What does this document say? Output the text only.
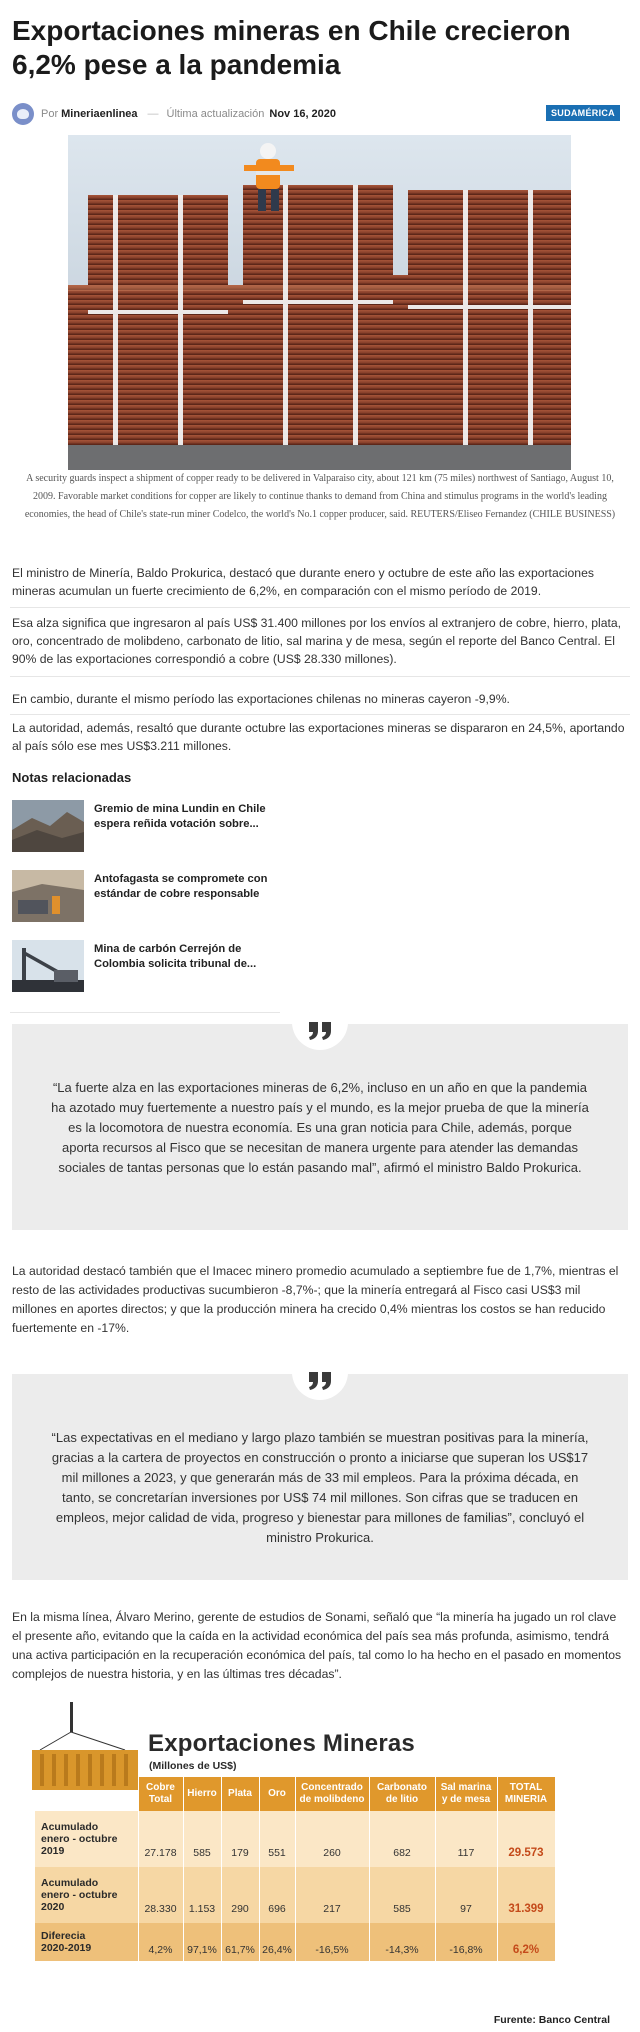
Exportaciones mineras en Chile crecieron 6,2% pese a la pandemia
Por Mineriaenlinea — Última actualización Nov 16, 2020	SUDAMÉRICA

A security guards inspect a shipment of copper ready to be delivered in Valparaiso city, about 121 km (75 miles) northwest of Santiago, August 10, 2009. Favorable market conditions for copper are likely to continue thanks to demand from China and stimulus programs in the world's leading economies, the head of Chile's state-run miner Codelco, the world's No.1 copper producer, said. REUTERS/Eliseo Fernandez (CHILE BUSINESS)

El ministro de Minería, Baldo Prokurica, destacó que durante enero y octubre de este año las exportaciones mineras acumulan un fuerte crecimiento de 6,2%, en comparación con el mismo período de 2019.

Esa alza significa que ingresaron al país US$ 31.400 millones por los envíos al extranjero de cobre, hierro, plata, oro, concentrado de molibdeno, carbonato de litio, sal marina y de mesa, según el reporte del Banco Central. El 90% de las exportaciones correspondió a cobre (US$ 28.330 millones).

En cambio, durante el mismo período las exportaciones chilenas no mineras cayeron -9,9%.

La autoridad, además, resaltó que durante octubre las exportaciones mineras se dispararon en 24,5%, aportando al país sólo ese mes US$3.211 millones.

Notas relacionadas
Gremio de mina Lundin en Chile espera reñida votación sobre...
Antofagasta se compromete con estándar de cobre responsable
Mina de carbón Cerrejón de Colombia solicita tribunal de...

“La fuerte alza en las exportaciones mineras de 6,2%, incluso en un año en que la pandemia ha azotado muy fuertemente a nuestro país y el mundo, es la mejor prueba de que la minería es la locomotora de nuestra economía. Es una gran noticia para Chile, además, porque aporta recursos al Fisco que se necesitan de manera urgente para atender las demandas sociales de tantas personas que lo están pasando mal”, afirmó el ministro Baldo Prokurica.

La autoridad destacó también que el Imacec minero promedio acumulado a septiembre fue de 1,7%, mientras el resto de las actividades productivas sucumbieron -8,7%-; que la minería entregará al Fisco casi US$3 mil millones en aportes directos; y que la producción minera ha crecido 0,4% mientras los costos se han reducido fuertemente en -17%.

“Las expectativas en el mediano y largo plazo también se muestran positivas para la minería, gracias a la cartera de proyectos en construcción o pronto a iniciarse que superan los US$17 mil millones a 2023, y que generarán más de 33 mil empleos. Para la próxima década, en tanto, se concretarían inversiones por US$ 74 mil millones. Son cifras que se traducen en empleos, mejor calidad de vida, progreso y bienestar para millones de familias”, concluyó el ministro Prokurica.

En la misma línea, Álvaro Merino, gerente de estudios de Sonami, señaló que “la minería ha jugado un rol clave el presente año, evitando que la caída en la actividad económica del país sea más profunda, asimismo, tendrá una activa participación en la recuperación económica del país, tal como lo ha hecho en el pasado en momentos complejos de nuestra historia, y en las últimas tres décadas”.

Exportaciones Mineras
(Millones de US$)
	Cobre
Total	Hierro	Plata	Oro	Concentrado
de molibdeno	Carbonato
de litio	Sal marina
y de mesa	TOTAL
MINERIA
Acumulado
enero - octubre
2019	27.178	585	179	551	260	682	117	29.573
Acumulado
enero - octubre
2020	28.330	1.153	290	696	217	585	97	31.399
Diferecia
2020-2019	4,2%	97,1%	61,7%	26,4%	-16,5%	-14,3%	-16,8%	6,2%
Furente: Banco Central
